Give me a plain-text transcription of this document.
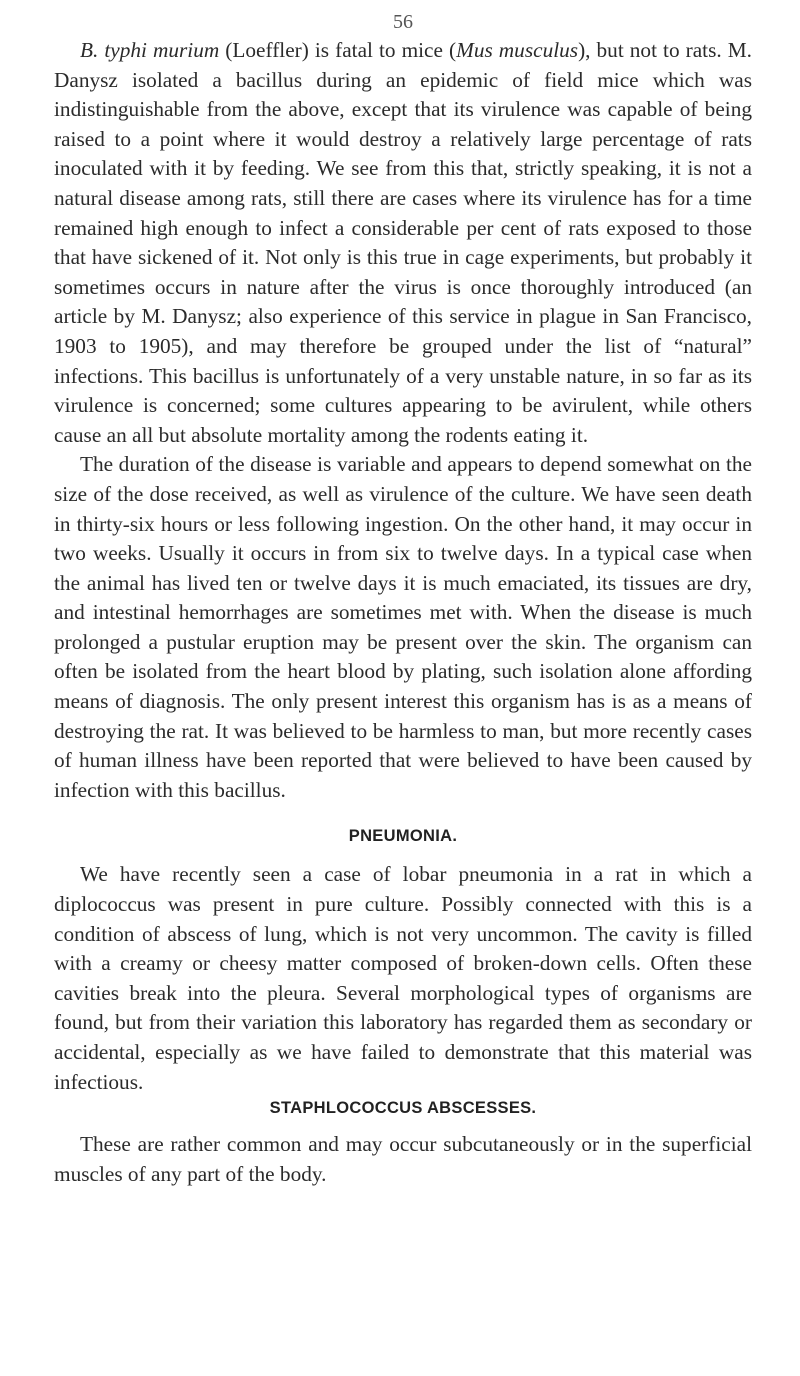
56

B. typhi murium (Loeffler) is fatal to mice (Mus musculus), but not to rats. M. Danysz isolated a bacillus during an epidemic of field mice which was indistinguishable from the above, except that its virulence was capable of being raised to a point where it would destroy a relatively large percentage of rats inoculated with it by feeding. We see from this that, strictly speaking, it is not a natural disease among rats, still there are cases where its virulence has for a time remained high enough to infect a considerable per cent of rats exposed to those that have sickened of it. Not only is this true in cage experiments, but probably it sometimes occurs in nature after the virus is once thoroughly introduced (an article by M. Danysz; also experience of this service in plague in San Francisco, 1903 to 1905), and may therefore be grouped under the list of “natural” infections. This bacillus is unfortunately of a very unstable nature, in so far as its virulence is concerned; some cultures appearing to be avirulent, while others cause an all but absolute mortality among the rodents eating it.

The duration of the disease is variable and appears to depend somewhat on the size of the dose received, as well as virulence of the culture. We have seen death in thirty-six hours or less following ingestion. On the other hand, it may occur in two weeks. Usually it occurs in from six to twelve days. In a typical case when the animal has lived ten or twelve days it is much emaciated, its tissues are dry, and intestinal hemorrhages are sometimes met with. When the disease is much prolonged a pustular eruption may be present over the skin. The organism can often be isolated from the heart blood by plating, such isolation alone affording means of diagnosis. The only present interest this organism has is as a means of destroying the rat. It was believed to be harmless to man, but more recently cases of human illness have been reported that were believed to have been caused by infection with this bacillus.

PNEUMONIA.

We have recently seen a case of lobar pneumonia in a rat in which a diplococcus was present in pure culture. Possibly connected with this is a condition of abscess of lung, which is not very uncommon. The cavity is filled with a creamy or cheesy matter composed of broken-down cells. Often these cavities break into the pleura. Several morphological types of organisms are found, but from their variation this laboratory has regarded them as secondary or accidental, especially as we have failed to demonstrate that this material was infectious.

STAPHLOCOCCUS ABSCESSES.

These are rather common and may occur subcutaneously or in the superficial muscles of any part of the body.
